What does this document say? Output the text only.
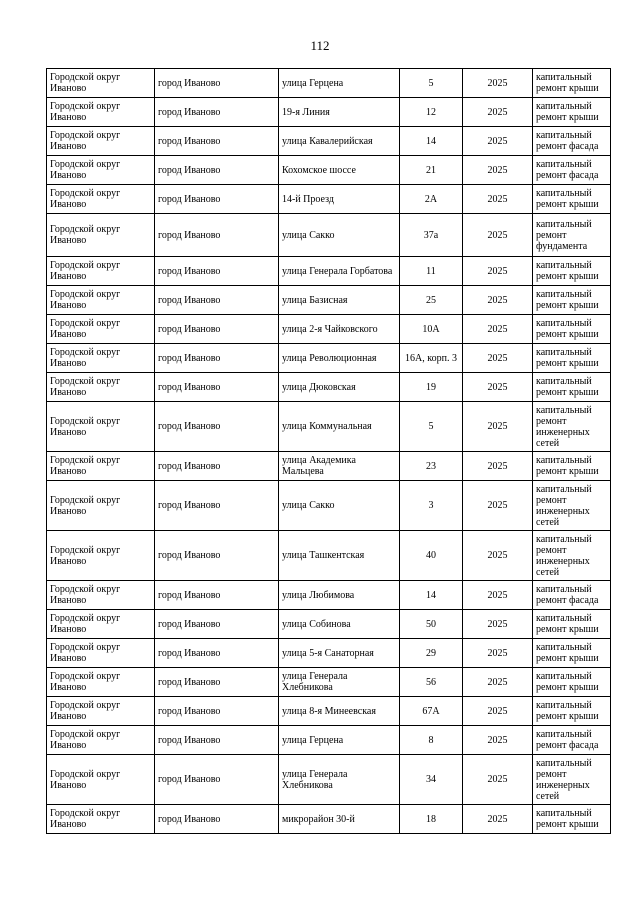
112
Городской округ Иваново	город Иваново	улица Герцена	5	2025	капитальный ремонт крыши
Городской округ Иваново	город Иваново	19-я Линия	12	2025	капитальный ремонт крыши
Городской округ Иваново	город Иваново	улица Кавалерийская	14	2025	капитальный ремонт фасада
Городской округ Иваново	город Иваново	Кохомское шоссе	21	2025	капитальный ремонт фасада
Городской округ Иваново	город Иваново	14-й Проезд	2А	2025	капитальный ремонт крыши
Городской округ Иваново	город Иваново	улица Сакко	37а	2025	капитальный ремонт фундамента
Городской округ Иваново	город Иваново	улица Генерала Горбатова	11	2025	капитальный ремонт крыши
Городской округ Иваново	город Иваново	улица Базисная	25	2025	капитальный ремонт крыши
Городской округ Иваново	город Иваново	улица 2-я Чайковского	10А	2025	капитальный ремонт крыши
Городской округ Иваново	город Иваново	улица Революционная	16А, корп. 3	2025	капитальный ремонт крыши
Городской округ Иваново	город Иваново	улица Дюковская	19	2025	капитальный ремонт крыши
Городской округ Иваново	город Иваново	улица Коммунальная	5	2025	капитальный ремонт инженерных сетей
Городской округ Иваново	город Иваново	улица Академика Мальцева	23	2025	капитальный ремонт крыши
Городской округ Иваново	город Иваново	улица Сакко	3	2025	капитальный ремонт инженерных сетей
Городской округ Иваново	город Иваново	улица Ташкентская	40	2025	капитальный ремонт инженерных сетей
Городской округ Иваново	город Иваново	улица Любимова	14	2025	капитальный ремонт фасада
Городской округ Иваново	город Иваново	улица Собинова	50	2025	капитальный ремонт крыши
Городской округ Иваново	город Иваново	улица 5-я Санаторная	29	2025	капитальный ремонт крыши
Городской округ Иваново	город Иваново	улица Генерала Хлебникова	56	2025	капитальный ремонт крыши
Городской округ Иваново	город Иваново	улица 8-я Минеевская	67А	2025	капитальный ремонт крыши
Городской округ Иваново	город Иваново	улица Герцена	8	2025	капитальный ремонт фасада
Городской округ Иваново	город Иваново	улица Генерала Хлебникова	34	2025	капитальный ремонт инженерных сетей
Городской округ Иваново	город Иваново	микрорайон 30-й	18	2025	капитальный ремонт крыши
